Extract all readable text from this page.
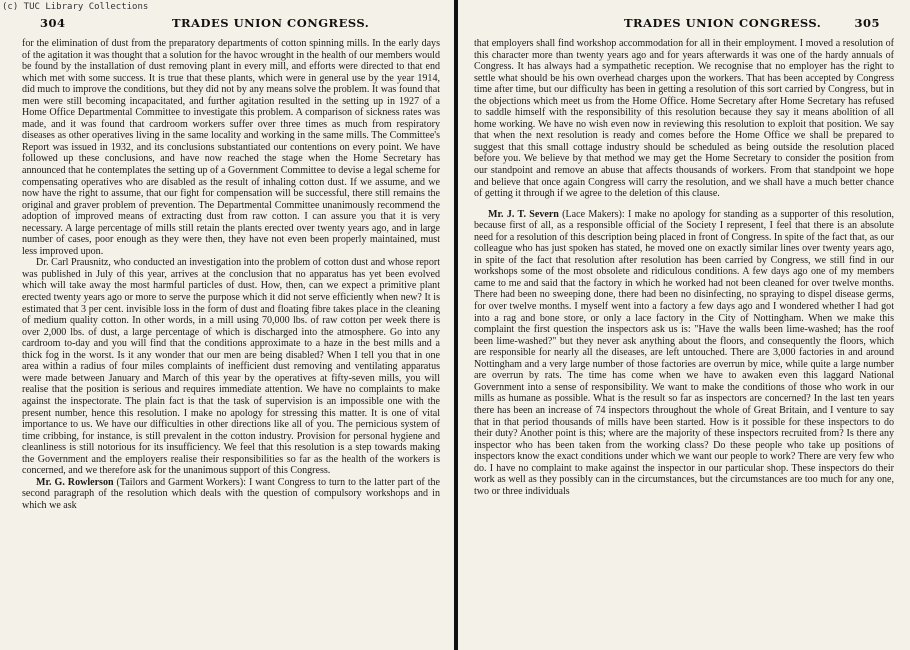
(c) TUC Library Collections
304	TRADES UNION CONGRESS.

for the elimination of dust from the preparatory departments of cotton spinning mills. In the early days of the agitation it was thought that a solution for the havoc wrought in the health of our members would be found by the installation of dust removing plant in every mill, and efforts were directed to that end which met with some success. It is true that these plants, which were in general use by the year 1914, did much to improve the conditions, but they did not by any means solve the problem. It was found that men were still becoming incapacitated, and further agitation resulted in the setting up in 1927 of a Home Office Departmental Committee to investigate this problem. A comparison of sickness rates was made, and it was found that cardroom workers suffer over three times as much from respiratory diseases as other operatives living in the same locality and working in the same mills. The Committee's Report was issued in 1932, and its conclusions substantiated our contentions on every point. We have followed up these conclusions, and have now reached the stage when the Home Secretary has announced that he contemplates the setting up of a Government Committee to devise a legal scheme for compensating operatives who are disabled as the result of inhaling cotton dust. If we assume, and we now have the right to assume, that our fight for compensation will be successful, there still remains the original and graver problem of prevention. The Departmental Committee unanimously recommend the adoption of improved means of extracting dust from raw cotton. I can assure you that it is very necessary. A large percentage of mills still retain the plants erected over twenty years ago, and in large number of cases, poor enough as they were then, they have not even been properly maintained, must less improved upon.

Dr. Carl Prausnitz, who conducted an investigation into the problem of cotton dust and whose report was published in July of this year, arrives at the conclusion that no apparatus has yet been evolved which will take away the most harmful particles of dust. How, then, can we expect a primitive plant erected twenty years ago or more to serve the purpose which it did not serve efficiently when new? It is estimated that 3 per cent. invisible loss in the form of dust and floating fibre takes place in the cleaning of medium quality cotton. In other words, in a mill using 70,000 lbs. of raw cotton per week there is over 2,000 lbs. of dust, a large percentage of which is discharged into the atmosphere. Go into any cardroom to-day and you will find that the conditions approximate to a haze in the best mills and a thick fog in the worst. Is it any wonder that our men are being disabled? When I tell you that in one area within a radius of four miles complaints of inefficient dust removing and ventilating apparatus were made between January and March of this year by the operatives at fifty-seven mills, you will realise that the position is serious and requires immediate attention. We have no complaints to make against the inspectorate. The plain fact is that the task of supervision is an impossible one with the present number, hence this resolution. I make no apology for stressing this matter. It is one of vital importance to us. We have our difficulties in other directions like all of you. The pernicious system of time cribbing, for instance, is still prevalent in the cotton industry. Provision for personal hygiene and cleanliness is still notorious for its insufficiency. We feel that this resolution is a step towards making the Government and the employers realise their responsibilities so far as the health of the workers is concerned, and we therefore ask for the unanimous support of this Congress.

Mr. G. Rowlerson (Tailors and Garment Workers): I want Congress to turn to the latter part of the second paragraph of the resolution which deals with the question of compulsory workshops and in which we ask

TRADES UNION CONGRESS.	305

that employers shall find workshop accommodation for all in their employment. I moved a resolution of this character more than twenty years ago and for years afterwards it was one of the hardy annuals of Congress. It has always had a sympathetic reception. We recognise that no employer has the right to settle what should be his own overhead charges upon the workers. That has been accepted by Congress time after time, but our difficulty has been in getting a resolution of this sort carried by Congress, but in the objections which meet us from the Home Office. Home Secretary after Home Secretary has refused to saddle himself with the responsibility of this resolution because they say it means abolition of all home working. We have no wish even now in reviewing this resolution to exploit that position. We say that when the next resolution is ready and comes before the Home Office we shall be prepared to suggest that this small cottage industry should be scheduled as being outside the resolution placed before you. We believe by that method we may get the Home Secretary to consider the position from our standpoint and remove an abuse that affects thousands of workers. From that standpoint we hope and believe that once again Congress will carry the resolution, and we shall have a much better chance of getting it through if we agree to the deletion of this clause.

Mr. J. T. Severn (Lace Makers): I make no apology for standing as a supporter of this resolution, because first of all, as a responsible official of the Society I represent, I feel that there is an absolute need for a resolution of this description being placed in front of Congress. In spite of the fact that, as our colleague who has just spoken has stated, he moved one on exactly similar lines over twenty years ago, in spite of the fact that resolution after resolution has been carried by Congress, we still find in our workshops some of the most obsolete and ridiculous conditions. A few days ago one of my members came to me and said that the factory in which he worked had not been cleaned for over twelve months. There had been no sweeping done, there had been no disinfecting, no spraying to dispel disease germs, for over twelve months. I myself went into a factory a few days ago and I wondered whether I had got into a rag and bone store, or only a lace factory in the City of Nottingham. When we make this complaint the first question the inspectors ask us is: "Have the walls been lime-washed; has the roof been lime-washed?" but they never ask anything about the floors, and consequently the floors, which are responsible for nearly all the diseases, are left untouched. There are 3,000 factories in and around Nottingham and a very large number of those factories are overrun by mice, while quite a large number are overrun by rats. The time has come when we have to awaken even this laggard National Government into a sense of responsibility. We want to make the conditions of those who work in our mills as humane as possible. What is the result so far as inspectors are concerned? In the last ten years there has been an increase of 74 inspectors throughout the whole of Great Britain, and I venture to say that in that period thousands of mills have been started. How is it possible for these inspectors to do their duty? Another point is this; where are the majority of these inspectors recruited from? Is there any inspector who has been taken from the working class? Do these people who take up positions of inspectors know the exact conditions under which we want our people to work? There are very few who do. I have no complaint to make against the inspector in our particular shop. These inspectors do their work as well as they possibly can in the circumstances, but the circumstances are too much for any one, two or three individuals
